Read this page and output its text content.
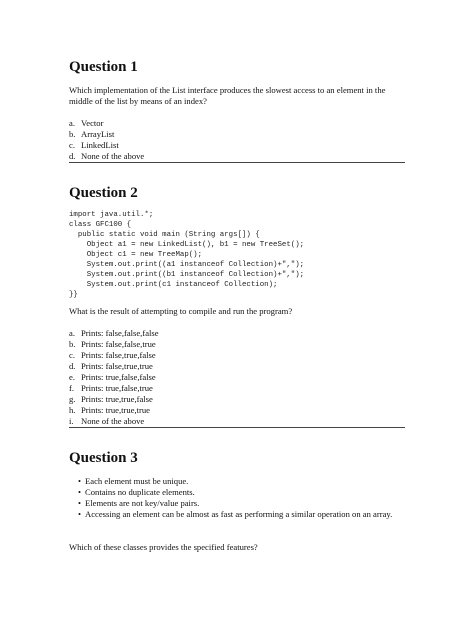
Question 1
Which implementation of the List interface produces the slowest access to an element in the middle of the list by means of an index?
a. Vector
b. ArrayList
c. LinkedList
d. None of the above
Question 2
import java.util.*;
class GFC100 {
public static void main (String args[]) {
Object a1 = new LinkedList(), b1 = new TreeSet();
Object c1 = new TreeMap();
System.out.print((a1 instanceof Collection)+",");
System.out.print((b1 instanceof Collection)+",");
System.out.print(c1 instanceof Collection);
}}
What is the result of attempting to compile and run the program?
a. Prints: false,false,false
b. Prints: false,false,true
c. Prints: false,true,false
d. Prints: false,true,true
e. Prints: true,false,false
f. Prints: true,false,true
g. Prints: true,true,false
h. Prints: true,true,true
i. None of the above
Question 3
• Each element must be unique.
• Contains no duplicate elements.
• Elements are not key/value pairs.
• Accessing an element can be almost as fast as performing a similar operation on an array.
Which of these classes provides the specified features?
